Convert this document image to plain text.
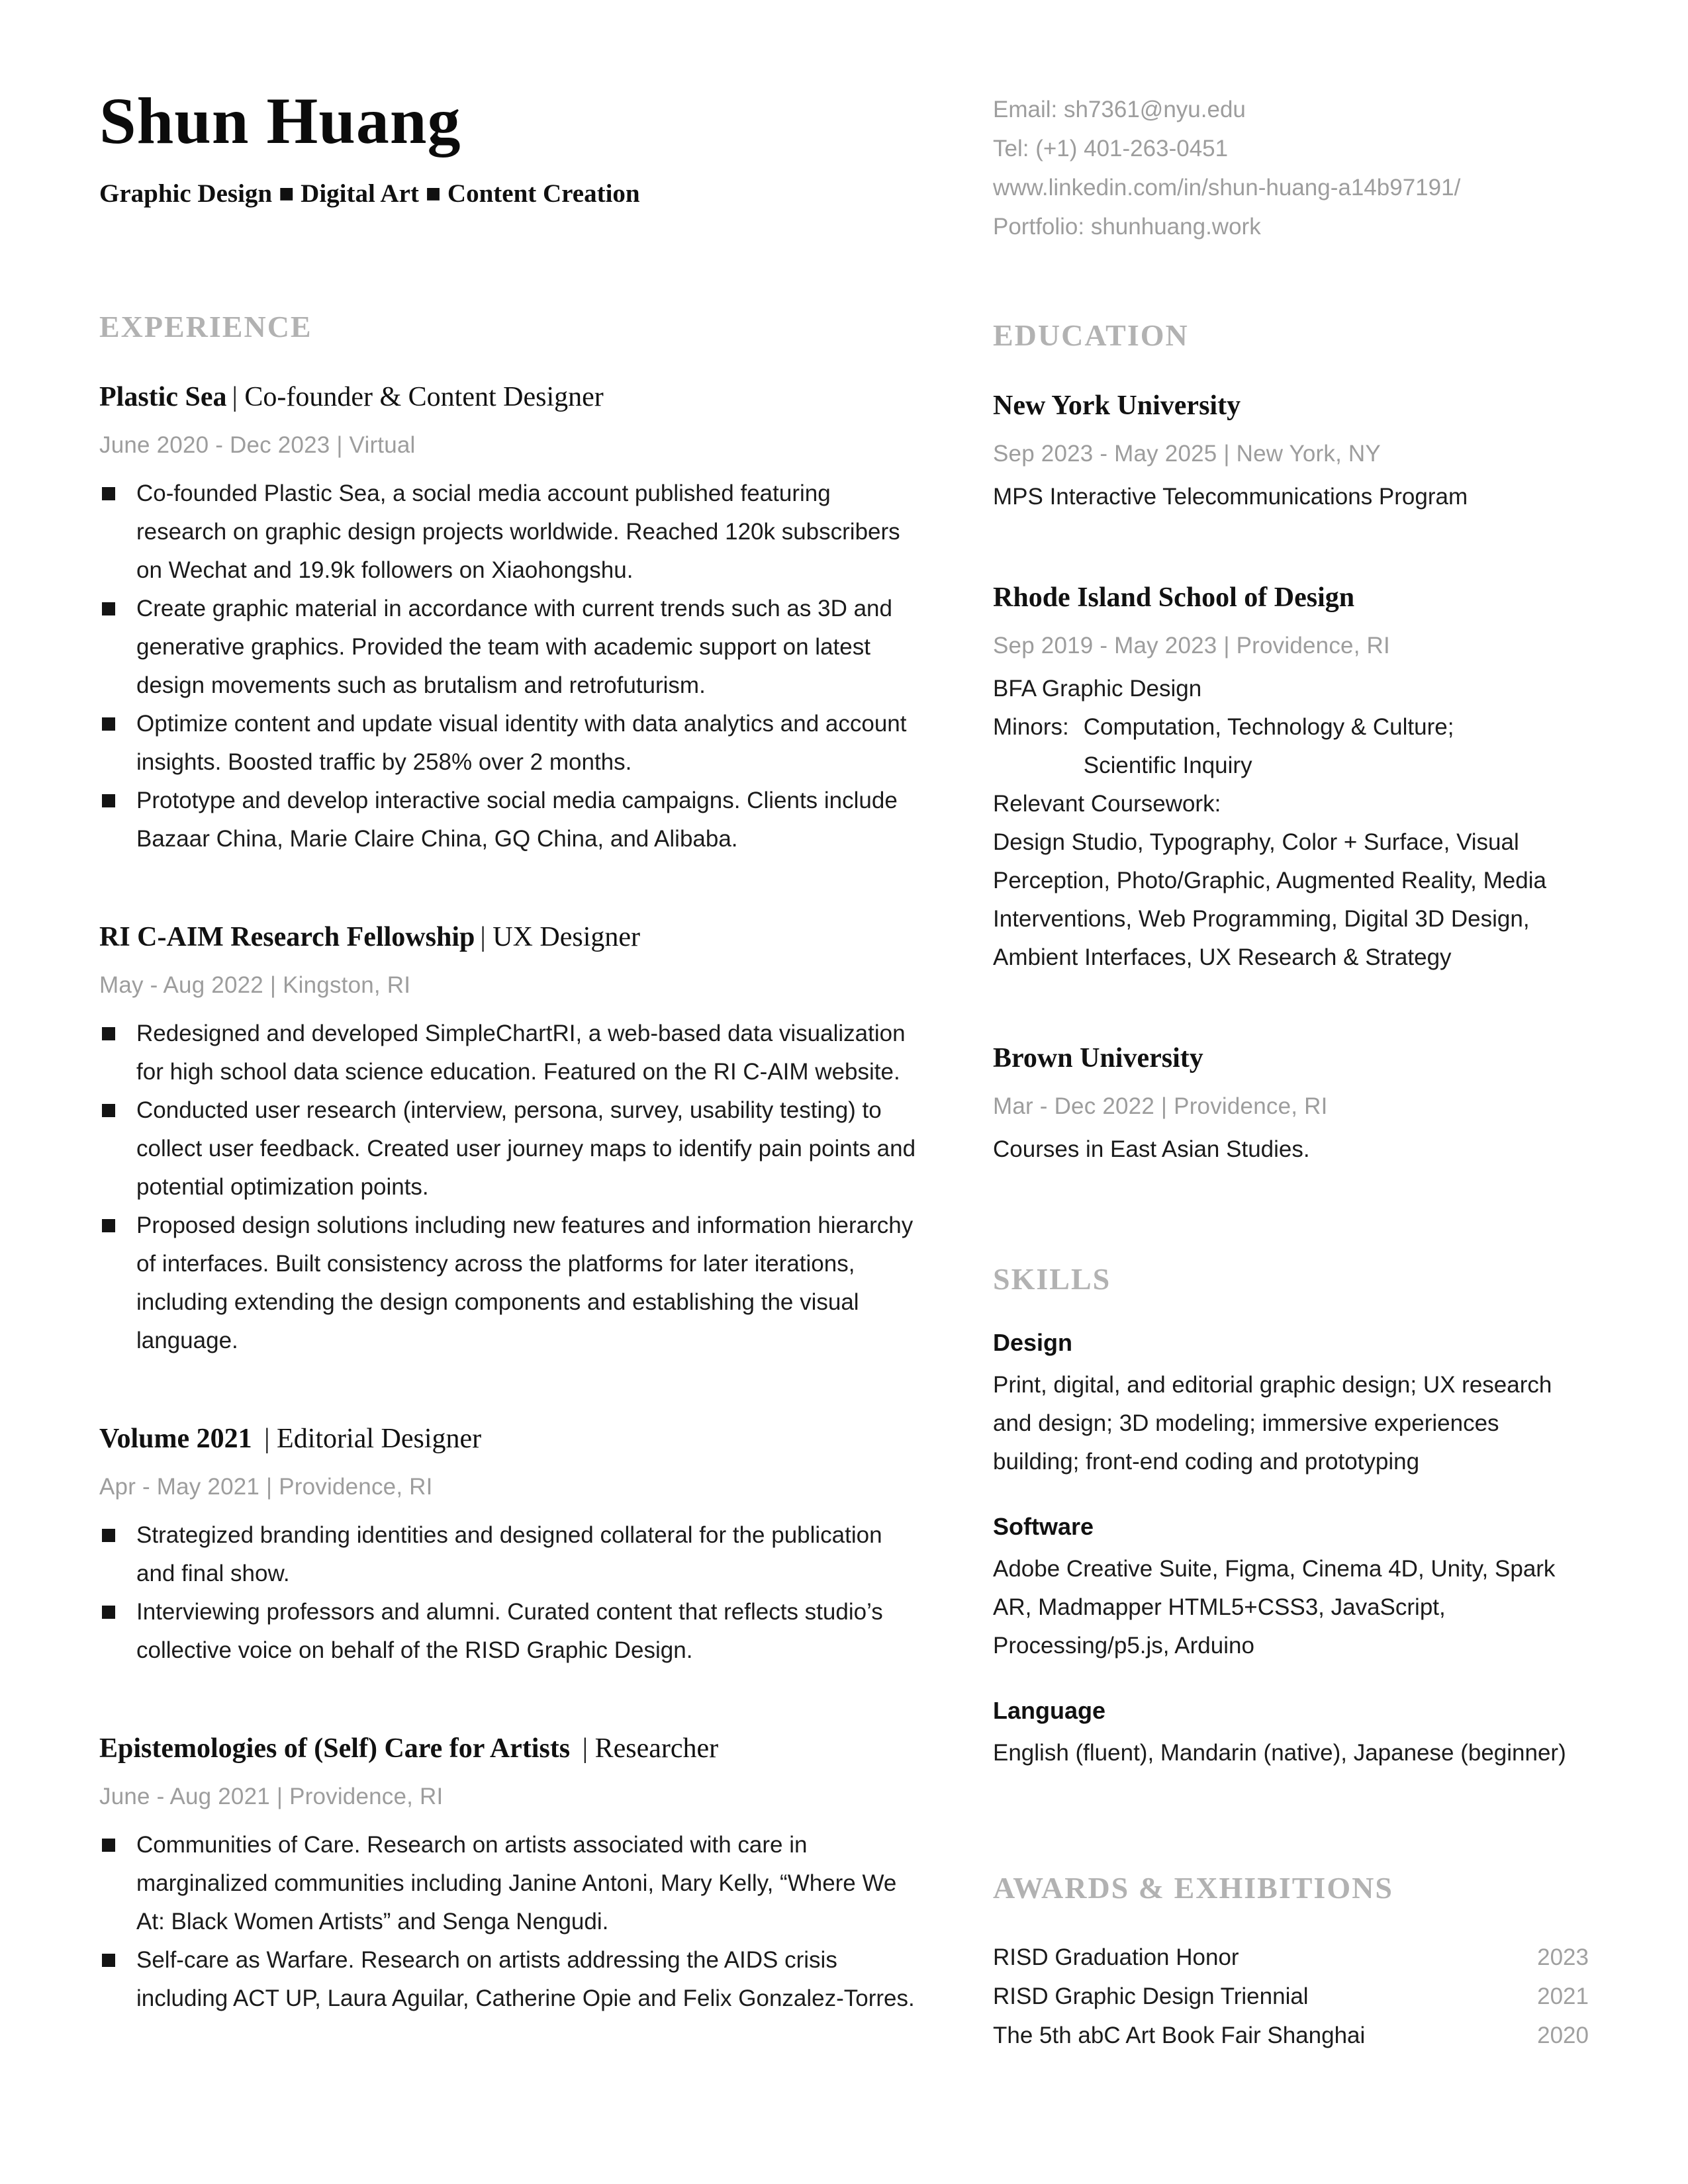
Shun Huang
Graphic Design ■ Digital Art ■ Content Creation
EXPERIENCE
Plastic Sea | Co-founder & Content Designer
June 2020 - Dec 2023 | Virtual
Co-founded Plastic Sea, a social media account published featuring research on graphic design projects worldwide. Reached 120k subscribers on Wechat and 19.9k followers on Xiaohongshu.
Create graphic material in accordance with current trends such as 3D and generative graphics. Provided the team with academic support on latest design movements such as brutalism and retrofuturism.
Optimize content and update visual identity with data analytics and account insights. Boosted traffic by 258% over 2 months.
Prototype and develop interactive social media campaigns. Clients include Bazaar China, Marie Claire China, GQ China, and Alibaba.
RI C-AIM Research Fellowship | UX Designer
May - Aug 2022 | Kingston, RI
Redesigned and developed SimpleChartRI, a web-based data visualization for high school data science education. Featured on the RI C-AIM website.
Conducted user research (interview, persona, survey, usability testing) to collect user feedback. Created user journey maps to identify pain points and potential optimization points.
Proposed design solutions including new features and information hierarchy of interfaces. Built consistency across the platforms for later iterations, including extending the design components and establishing the visual language.
Volume 2021 | Editorial Designer
Apr - May 2021 | Providence, RI
Strategized branding identities and designed collateral for the publication and final show.
Interviewing professors and alumni. Curated content that reflects studio’s collective voice on behalf of the RISD Graphic Design.
Epistemologies of (Self) Care for Artists | Researcher
June - Aug 2021 | Providence, RI
Communities of Care. Research on artists associated with care in marginalized communities including Janine Antoni, Mary Kelly, “Where We At: Black Women Artists” and Senga Nengudi.
Self-care as Warfare. Research on artists addressing the AIDS crisis including ACT UP, Laura Aguilar, Catherine Opie and Felix Gonzalez-Torres.
Email: sh7361@nyu.edu
Tel: (+1) 401-263-0451
www.linkedin.com/in/shun-huang-a14b97191/
Portfolio: shunhuang.work
EDUCATION
New York University
Sep 2023 - May 2025 | New York, NY
MPS Interactive Telecommunications Program
Rhode Island School of Design
Sep 2019 - May 2023 | Providence, RI
BFA Graphic Design
Minors: Computation, Technology & Culture; Scientific Inquiry
Relevant Coursework:
Design Studio, Typography, Color + Surface, Visual Perception, Photo/Graphic, Augmented Reality, Media Interventions, Web Programming, Digital 3D Design, Ambient Interfaces, UX Research & Strategy
Brown University
Mar - Dec 2022 | Providence, RI
Courses in East Asian Studies.
SKILLS
Design

Print, digital, and editorial graphic design; UX research and design; 3D modeling; immersive experiences building; front-end coding and prototyping

Software

Adobe Creative Suite, Figma, Cinema 4D, Unity, Spark AR, Madmapper HTML5+CSS3, JavaScript, Processing/p5.js, Arduino

Language

English (fluent), Mandarin (native), Japanese (beginner)

AWARDS & EXHIBITIONS
RISD Graduation Honor	2023
RISD Graphic Design Triennial	2021
The 5th abC Art Book Fair Shanghai	2020
